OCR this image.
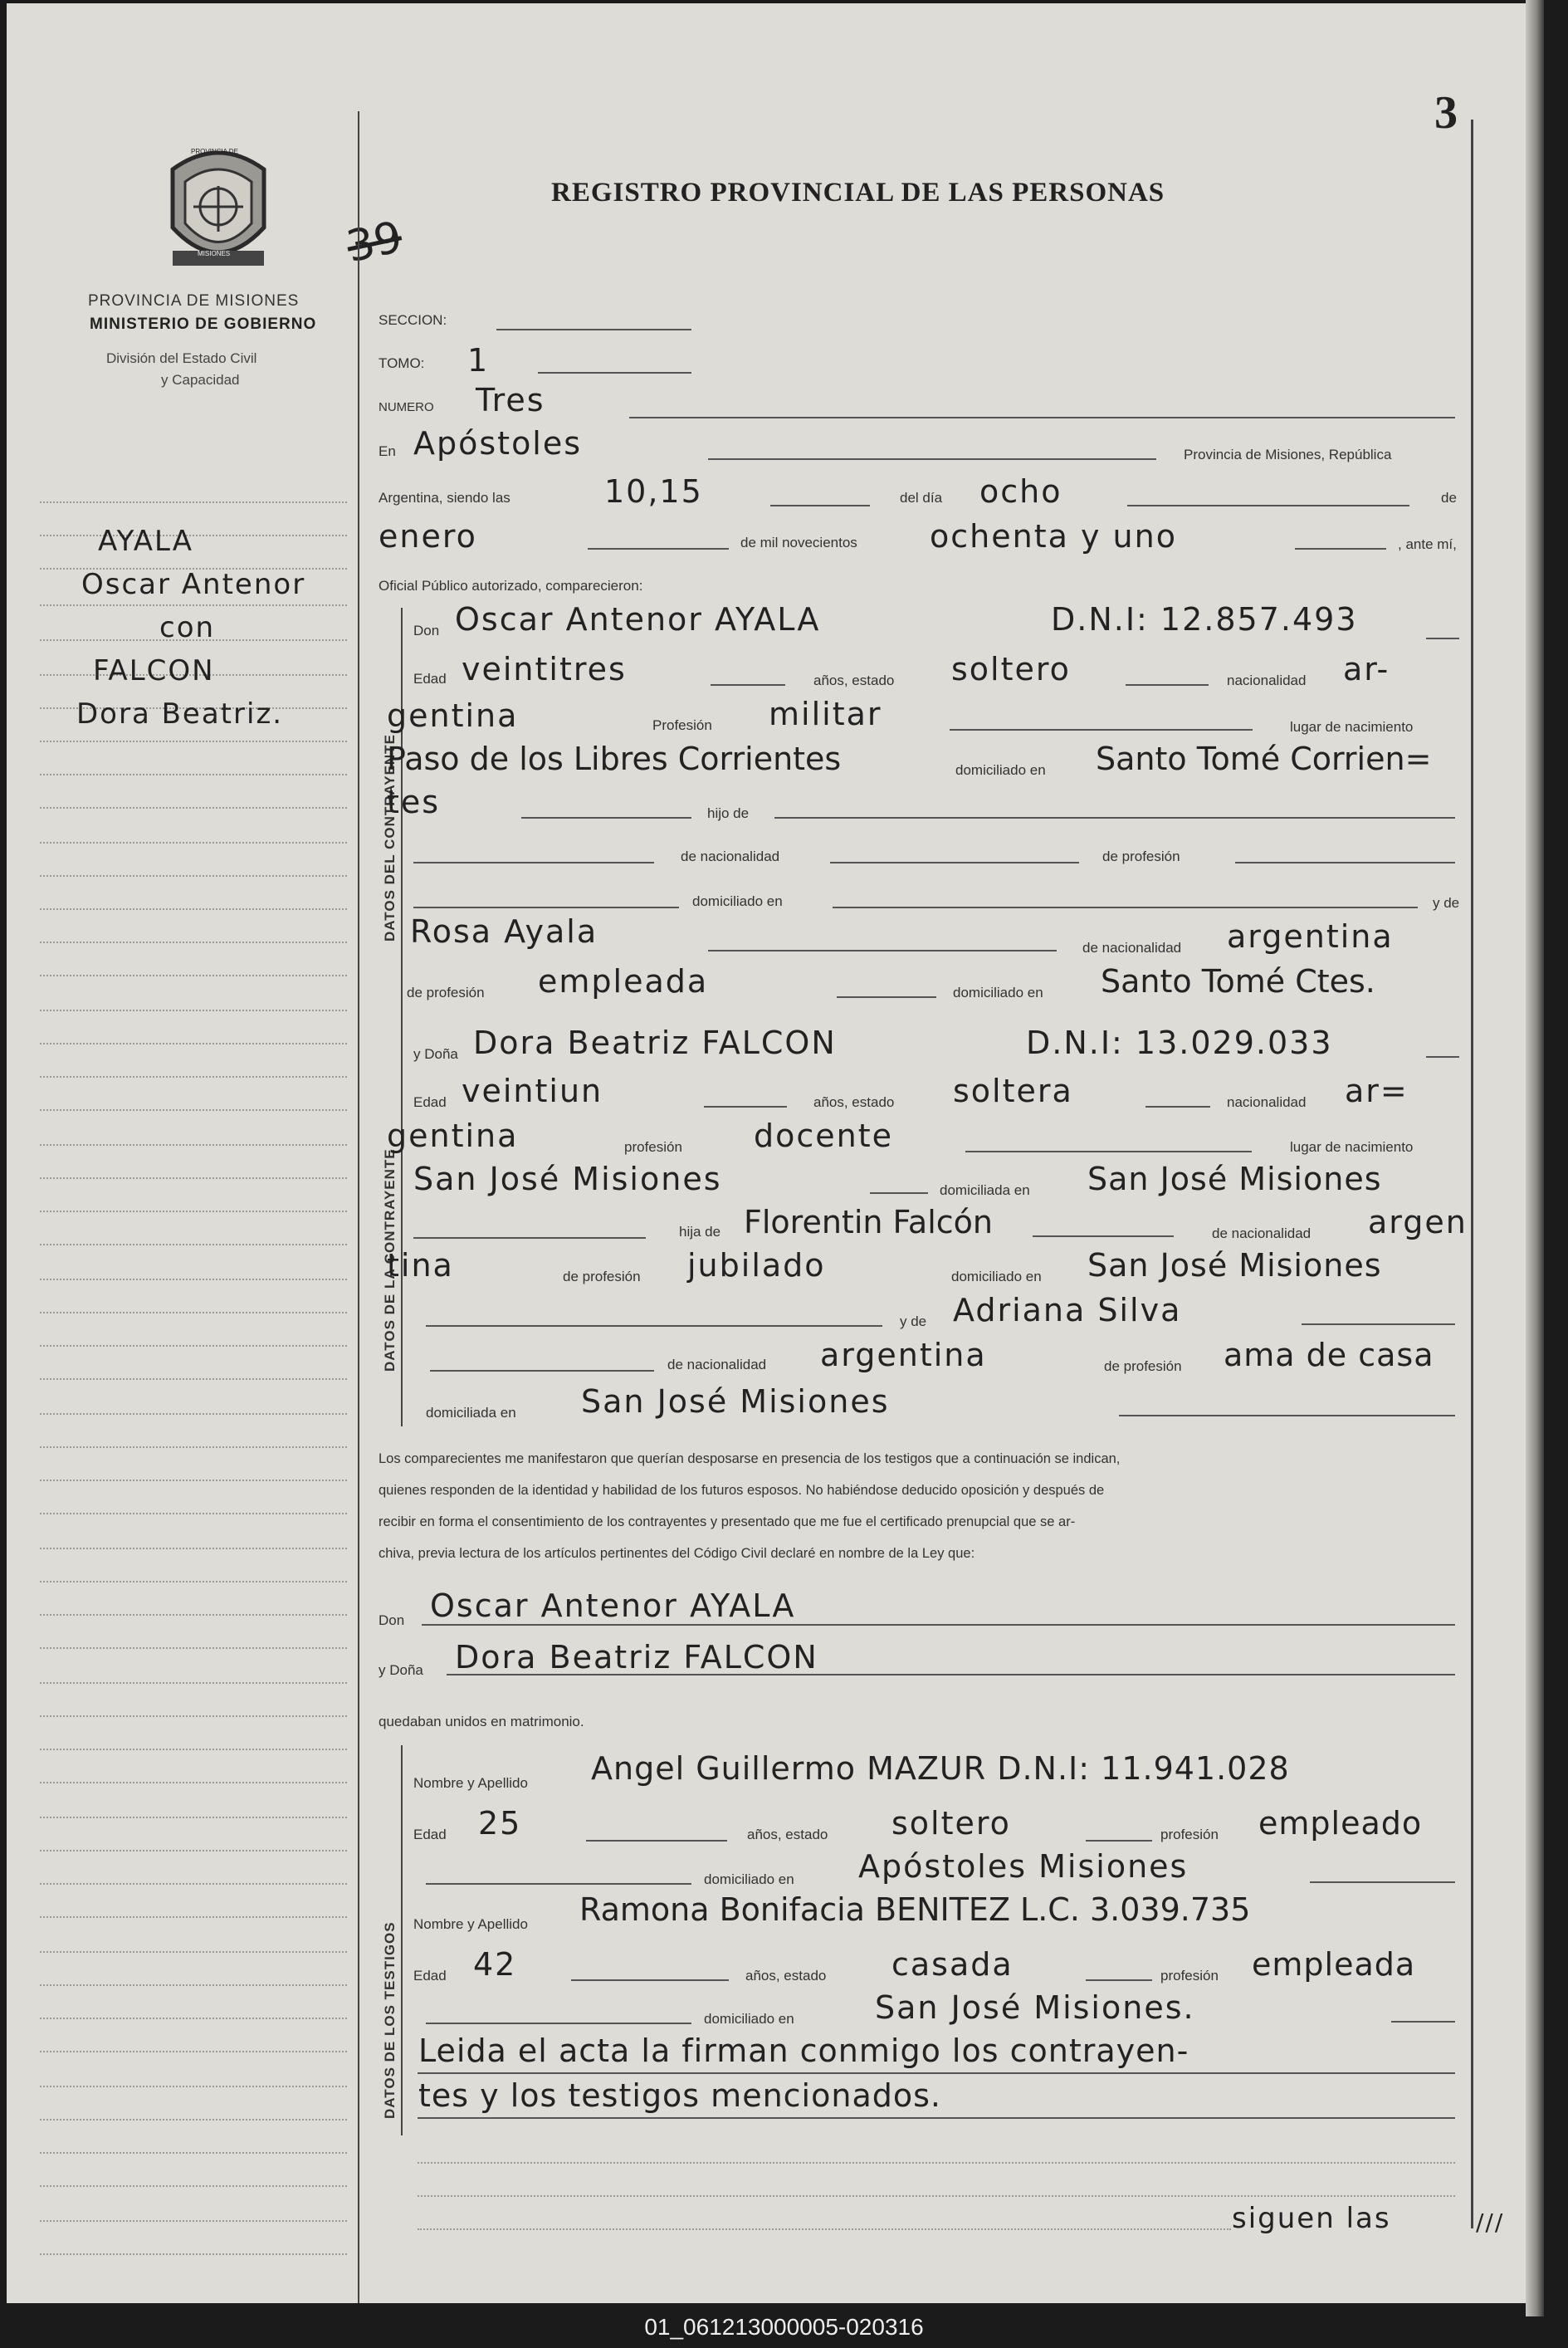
3
REGISTRO PROVINCIAL DE LAS PERSONAS
PROVINCIA DE
MISIONES
PROVINCIA DE MISIONES
MINISTERIO DE GOBIERNO
División del Estado Civil
y Capacidad
39
AYALA
Oscar Antenor
con
FALCON
Dora Beatriz.
SECCION:
TOMO: 1
NUMERO Tres
En Apóstoles	Provincia de Misiones, República
Argentina, siendo las	10,15	del día ocho	de
enero	de mil novecientos ochenta y uno	, ante mí,
Oficial Público autorizado, comparecieron:
DATOS DEL CONTRAYENTE
Don Oscar Antenor AYALA	D.N.I: 12.857.493
Edad veintitres	años, estado soltero	nacionalidad ar-
gentina	Profesión militar	lugar de nacimiento
Paso de los Libres Corrientes	domiciliado en Santo Tomé Corrien=
tes	hijo de
de nacionalidad	de profesión
domiciliado en	y de
Rosa Ayala	de nacionalidad argentina
de profesión empleada	domiciliado en Santo Tomé Ctes.
DATOS DE LA CONTRAYENTE
y Doña Dora Beatriz FALCON	D.N.I: 13.029.033
Edad veintiun	años, estado soltera	nacionalidad ar=
gentina	profesión docente	lugar de nacimiento
San José Misiones	domiciliada en San José Misiones
hija de Florentin Falcón	de nacionalidad argen
tina	de profesión jubilado	domiciliado en San José Misiones
y de Adriana Silva
de nacionalidad argentina	de profesión ama de casa
domiciliada en San José Misiones
Los comparecientes me manifestaron que querían desposarse en presencia de los testigos que a continuación se indican,
quienes responden de la identidad y habilidad de los futuros esposos. No habiéndose deducido oposición y después de
recibir en forma el consentimiento de los contrayentes y presentado que me fue el certificado prenupcial que se ar-
chiva, previa lectura de los artículos pertinentes del Código Civil declaré en nombre de la Ley que:
Don Oscar Antenor AYALA
y Doña Dora Beatriz FALCON
quedaban unidos en matrimonio.
DATOS DE LOS TESTIGOS
Nombre y Apellido Angel Guillermo MAZUR D.N.I: 11.941.028
Edad 25	años, estado soltero	profesión empleado
domiciliado en Apóstoles Misiones
Nombre y Apellido Ramona Bonifacia BENITEZ L.C. 3.039.735
Edad 42	años, estado casada	profesión empleada
domiciliado en	San José Misiones.
Leida el acta la firman conmigo los contrayen-
tes y los testigos mencionados.
siguen las	///
01_061213000005-020316
